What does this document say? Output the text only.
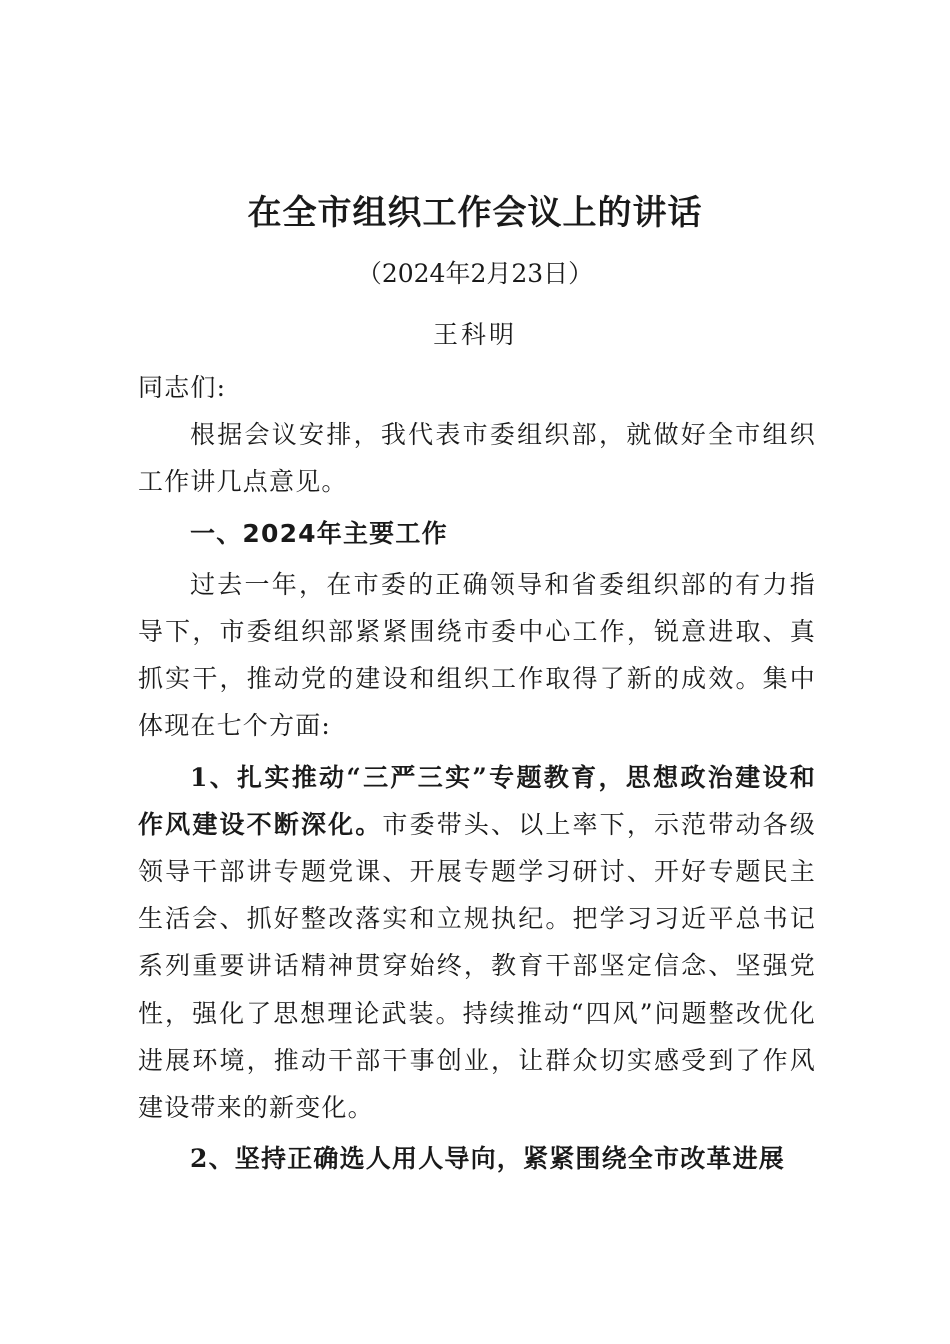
在全市组织工作会议上的讲话
（2024年2月23日）
王科明

同志们:

根据会议安排，我代表市委组织部，就做好全市组织工作讲几点意见。

一、2024年主要工作

过去一年，在市委的正确领导和省委组织部的有力指导下，市委组织部紧紧围绕市委中心工作，锐意进取、真抓实干，推动党的建设和组织工作取得了新的成效。集中体现在七个方面:

1、扎实推动“三严三实”专题教育，思想政治建设和作风建设不断深化。市委带头、以上率下，示范带动各级领导干部讲专题党课、开展专题学习研讨、开好专题民主生活会、抓好整改落实和立规执纪。把学习习近平总书记系列重要讲话精神贯穿始终，教育干部坚定信念、坚强党性，强化了思想理论武装。持续推动“四风”问题整改优化进展环境，推动干部干事创业，让群众切实感受到了作风建设带来的新变化。

2、坚持正确选人用人导向，紧紧围绕全市改革进展
